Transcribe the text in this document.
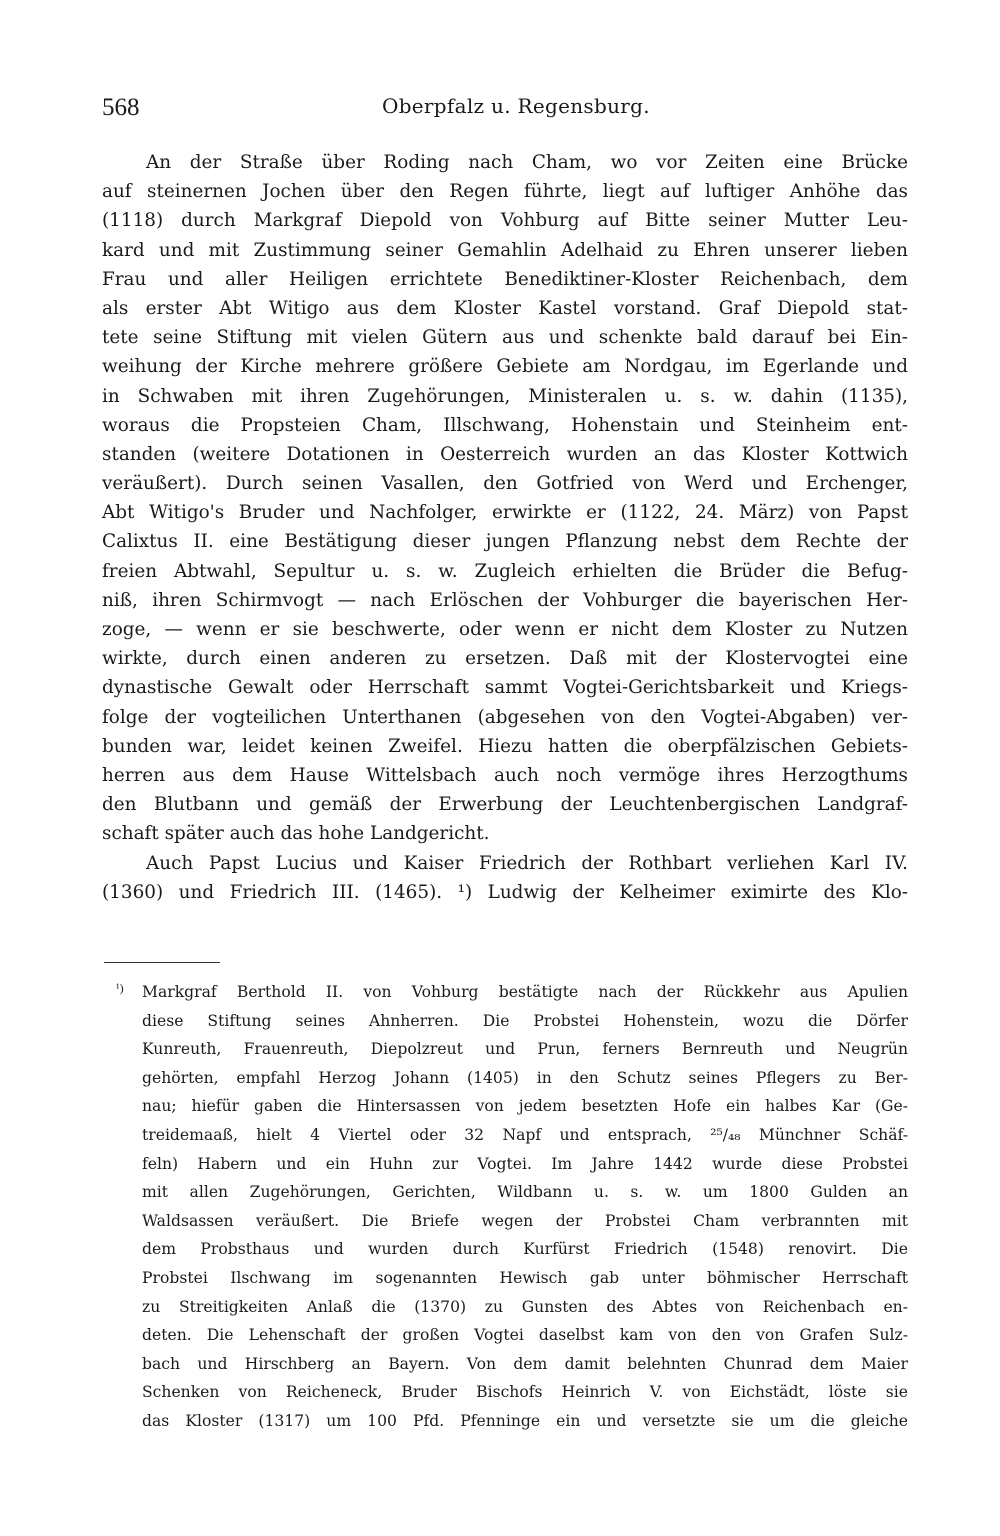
568	Oberpfalz u. Regensburg.
An der Straße über Roding nach Cham, wo vor Zeiten eine Brücke
auf steinernen Jochen über den Regen führte, liegt auf luftiger Anhöhe das
(1118) durch Markgraf Diepold von Vohburg auf Bitte seiner Mutter Leu-
kard und mit Zustimmung seiner Gemahlin Adelhaid zu Ehren unserer lieben
Frau und aller Heiligen errichtete Benediktiner-Kloster Reichenbach, dem
als erster Abt Witigo aus dem Kloster Kastel vorstand. Graf Diepold stat-
tete seine Stiftung mit vielen Gütern aus und schenkte bald darauf bei Ein-
weihung der Kirche mehrere größere Gebiete am Nordgau, im Egerlande und
in Schwaben mit ihren Zugehörungen, Ministeralen u. s. w. dahin (1135),
woraus die Propsteien Cham, Illschwang, Hohenstain und Steinheim ent-
standen (weitere Dotationen in Oesterreich wurden an das Kloster Kottwich
veräußert). Durch seinen Vasallen, den Gotfried von Werd und Erchenger,
Abt Witigo's Bruder und Nachfolger, erwirkte er (1122, 24. März) von Papst
Calixtus II. eine Bestätigung dieser jungen Pflanzung nebst dem Rechte der
freien Abtwahl, Sepultur u. s. w. Zugleich erhielten die Brüder die Befug-
niß, ihren Schirmvogt — nach Erlöschen der Vohburger die bayerischen Her-
zoge, — wenn er sie beschwerte, oder wenn er nicht dem Kloster zu Nutzen
wirkte, durch einen anderen zu ersetzen. Daß mit der Klostervogtei eine
dynastische Gewalt oder Herrschaft sammt Vogtei-Gerichtsbarkeit und Kriegs-
folge der vogteilichen Unterthanen (abgesehen von den Vogtei-Abgaben) ver-
bunden war, leidet keinen Zweifel. Hiezu hatten die oberpfälzischen Gebiets-
herren aus dem Hause Wittelsbach auch noch vermöge ihres Herzogthums
den Blutbann und gemäß der Erwerbung der Leuchtenbergischen Landgraf-
schaft später auch das hohe Landgericht.
Auch Papst Lucius und Kaiser Friedrich der Rothbart verliehen Karl IV.
(1360) und Friedrich III. (1465). ¹) Ludwig der Kelheimer eximirte des Klo-
¹) Markgraf Berthold II. von Vohburg bestätigte nach der Rückkehr aus Apulien
diese Stiftung seines Ahnherren. Die Probstei Hohenstein, wozu die Dörfer
Kunreuth, Frauenreuth, Diepolzreut und Prun, ferners Bernreuth und Neugrün
gehörten, empfahl Herzog Johann (1405) in den Schutz seines Pflegers zu Ber-
nau; hiefür gaben die Hintersassen von jedem besetzten Hofe ein halbes Kar (Ge-
treidemaaß, hielt 4 Viertel oder 32 Napf und entsprach, ²⁵/₄₈ Münchner Schäf-
feln) Habern und ein Huhn zur Vogtei. Im Jahre 1442 wurde diese Probstei
mit allen Zugehörungen, Gerichten, Wildbann u. s. w. um 1800 Gulden an
Waldsassen veräußert. Die Briefe wegen der Probstei Cham verbrannten mit
dem Probsthaus und wurden durch Kurfürst Friedrich (1548) renovirt. Die
Probstei Ilschwang im sogenannten Hewisch gab unter böhmischer Herrschaft
zu Streitigkeiten Anlaß die (1370) zu Gunsten des Abtes von Reichenbach en-
deten. Die Lehenschaft der großen Vogtei daselbst kam von den von Grafen Sulz-
bach und Hirschberg an Bayern. Von dem damit belehnten Chunrad dem Maier
Schenken von Reicheneck, Bruder Bischofs Heinrich V. von Eichstädt, löste sie
das Kloster (1317) um 100 Pfd. Pfenninge ein und versetzte sie um die gleiche
